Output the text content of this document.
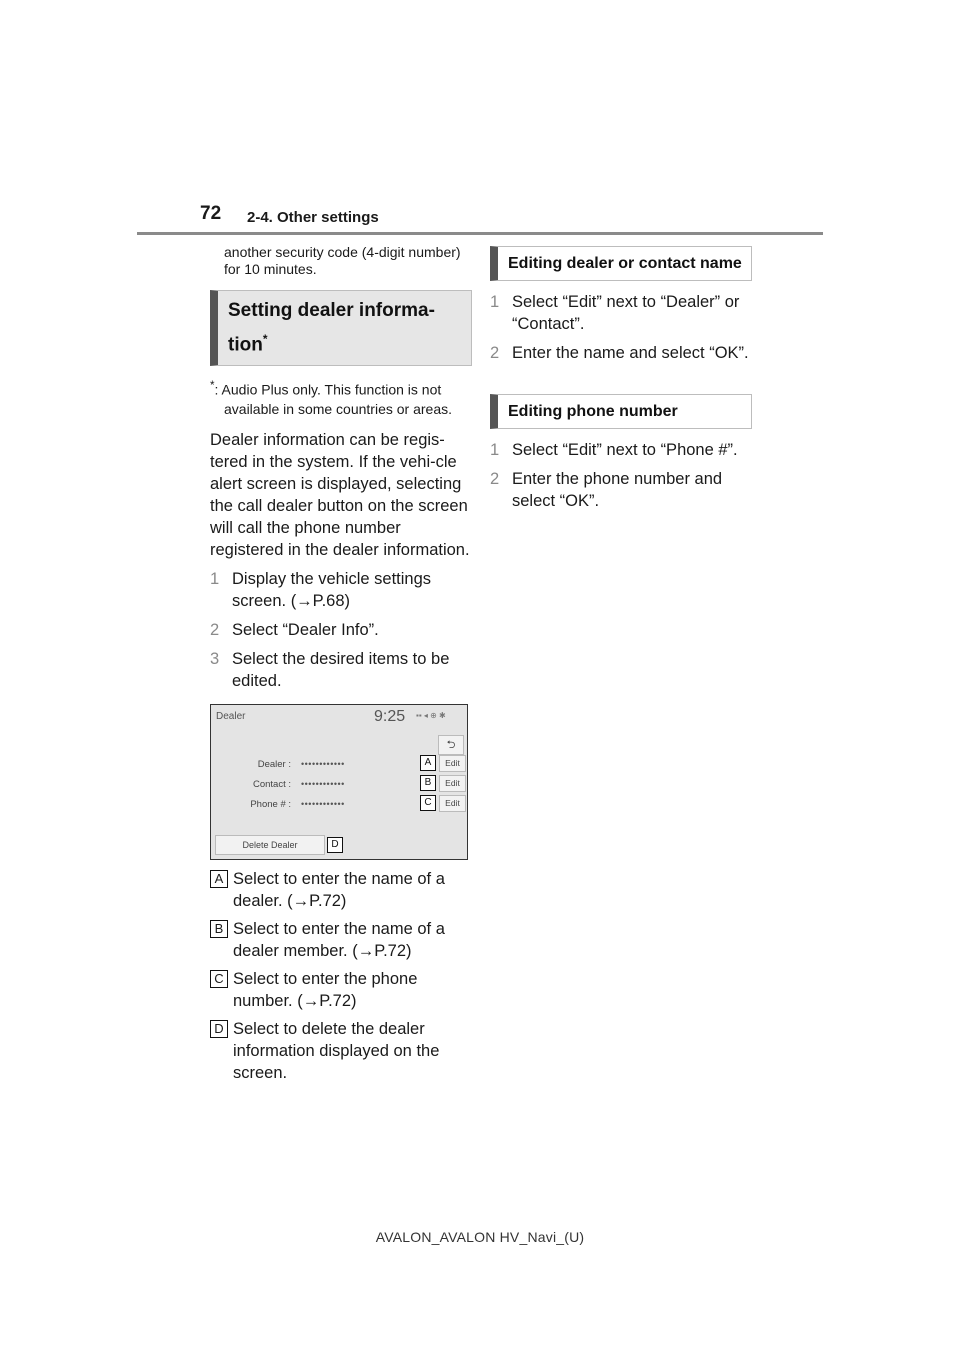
72 2-4. Other settings
another security code (4-digit number) for 10 minutes.
Setting dealer informa-tion*
*: Audio Plus only. This function is not available in some countries or areas.
Dealer information can be regis-tered in the system. If the vehi-cle alert screen is displayed, selecting the call dealer button on the screen will call the phone number registered in the dealer information.
1 Display the vehicle settings screen. (→P.68)
2 Select “Dealer Info”.
3 Select the desired items to be edited.
Dealer	9:25 ▪▪ ◂ ⊕ ✱
⮌
Dealer : ••••••••••••	A	Edit
Contact : ••••••••••••	B	Edit
Phone # : ••••••••••••	C	Edit
Delete Dealer	D
A Select to enter the name of a dealer. (→P.72)
B Select to enter the name of a dealer member. (→P.72)
C Select to enter the phone number. (→P.72)
D Select to delete the dealer information displayed on the screen.
Editing dealer or contact name
1 Select “Edit” next to “Dealer” or “Contact”.
2 Enter the name and select “OK”.
Editing phone number
1 Select “Edit” next to “Phone #”.
2 Enter the phone number and select “OK”.
AVALON_AVALON HV_Navi_(U)
